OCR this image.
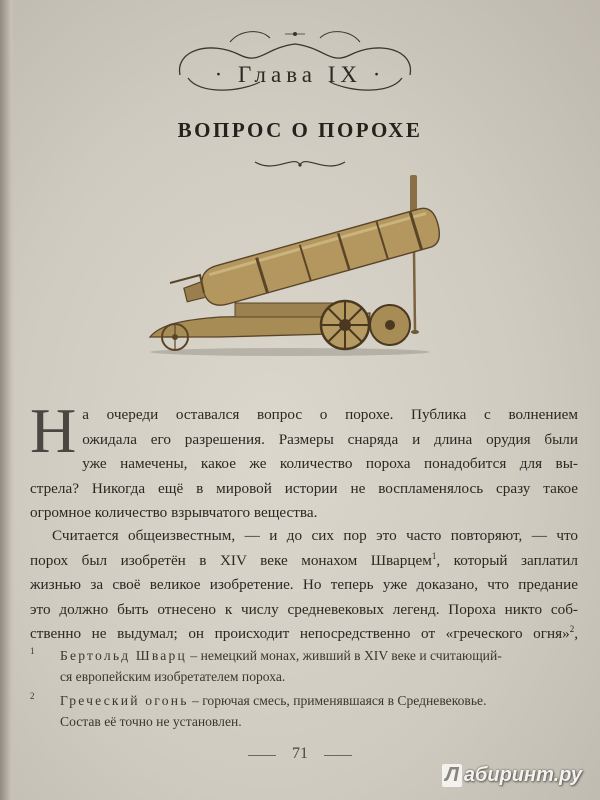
· Глава IX ·
ВОПРОС О ПОРОХЕ
Н а очереди оставался вопрос о порохе. Публика с волнением
ожидала его разрешения. Размеры снаряда и длина орудия были
уже намечены, какое же количество пороха понадобится для вы-
стрела? Никогда ещё в мировой истории не воспламенялось сразу такое
огромное количество взрывчатого вещества.
Считается общеизвестным, — и до сих пор это часто повторяют, — что
порох был изобретён в XIV веке монахом Шварцем$^1$, который заплатил
жизнью за своё великое изобретение. Но теперь уже доказано, что предание
это должно быть отнесено к числу средневековых легенд. Пороха никто соб-
ственно не выдумал; он происходит непосредственно от «греческого огня»$^2$,
1 Бертольд Шварц – немецкий монах, живший в XIV веке и считающий-
ся европейским изобретателем пороха.
2 Греческий огонь – горючая смесь, применявшаяся в Средневековье.
Состав её точно не установлен.
71
Л абиринт.ру
